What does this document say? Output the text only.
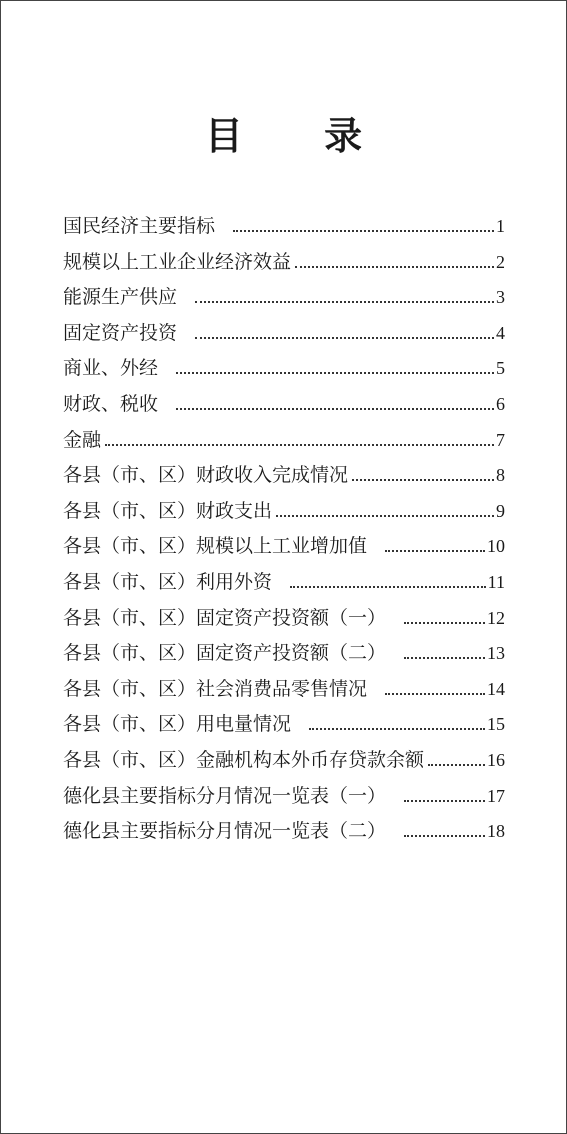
目 录
国民经济主要指标	1
规模以上工业企业经济效益	2
能源生产供应	3
固定资产投资	4
商业、外经	5
财政、税收	6
金融	7
各县（市、区）财政收入完成情况	8
各县（市、区）财政支出	9
各县（市、区）规模以上工业增加值	10
各县（市、区）利用外资	11
各县（市、区）固定资产投资额（一）	12
各县（市、区）固定资产投资额（二）	13
各县（市、区）社会消费品零售情况	14
各县（市、区）用电量情况	15
各县（市、区）金融机构本外币存贷款余额	16
德化县主要指标分月情况一览表（一）	17
德化县主要指标分月情况一览表（二）	18
